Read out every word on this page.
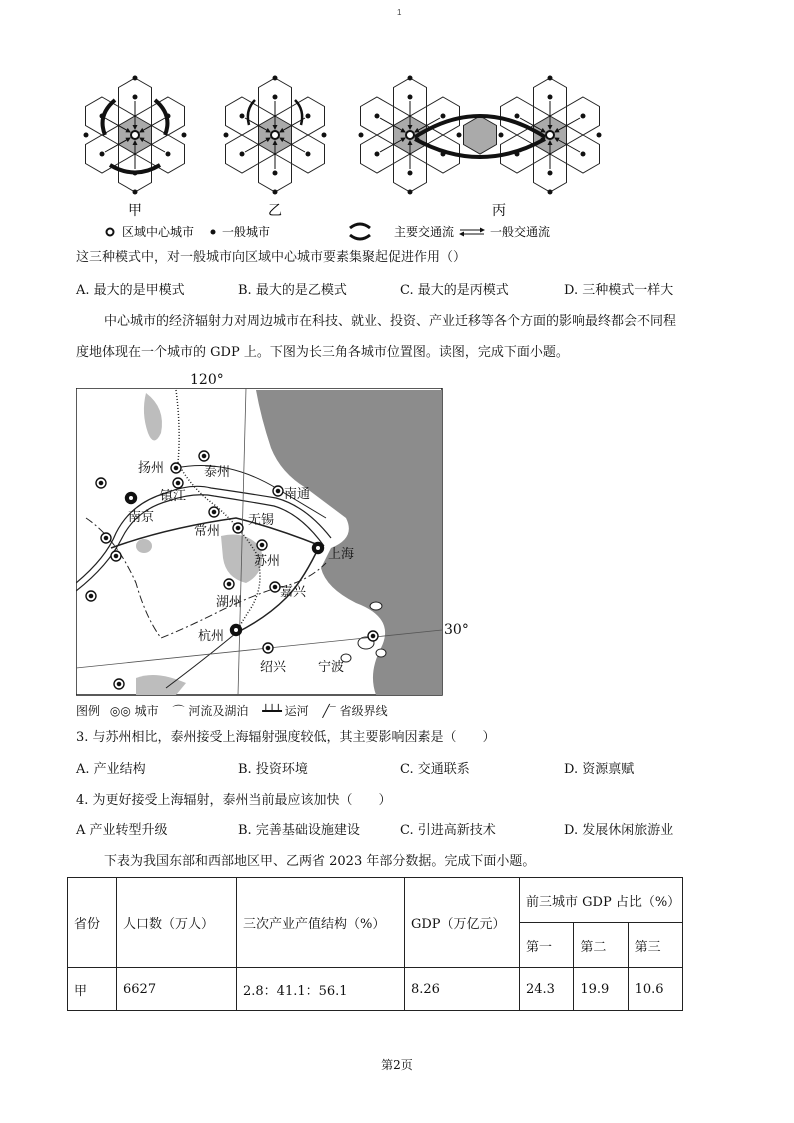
1
甲	乙	丙
区域中心城市 一般城市	主要交通流	一般交通流
这三种模式中，对一般城市向区域中心城市要素集聚起促进作用（）
A. 最大的是甲模式	B. 最大的是乙模式	C. 最大的是丙模式	D. 三种模式一样大
中心城市的经济辐射力对周边城市在科技、就业、投资、产业迁移等各个方面的影响最终都会不同程
度地体现在一个城市的 GDP 上。下图为长三角各城市位置图。读图，完成下面小题。
120°
扬州	泰州
镇江	南通
南京
常州
无锡
苏州	上海
湖州
嘉兴
杭州
绍兴 宁波
30°
图例 ◎◎ 城市 ⌒ 河流及湖泊 ┷┷┷ 运河 ╱‾ 省级界线
3. 与苏州相比，泰州接受上海辐射强度较低，其主要影响因素是（　　）
A. 产业结构	B. 投资环境	C. 交通联系	D. 资源禀赋
4. 为更好接受上海辐射，泰州当前最应该加快（　　）
A 产业转型升级	B. 完善基础设施建设	C. 引进高新技术	D. 发展休闲旅游业
下表为我国东部和西部地区甲、乙两省 2023 年部分数据。完成下面小题。
省份	人口数（万人）	三次产业产值结构（%）	GDP（万亿元）	前三城市 GDP 占比（%）		
				第一	第二	第三
甲	6627	2.8：41.1：56.1	8.26	24.3	19.9	10.6
第2页
